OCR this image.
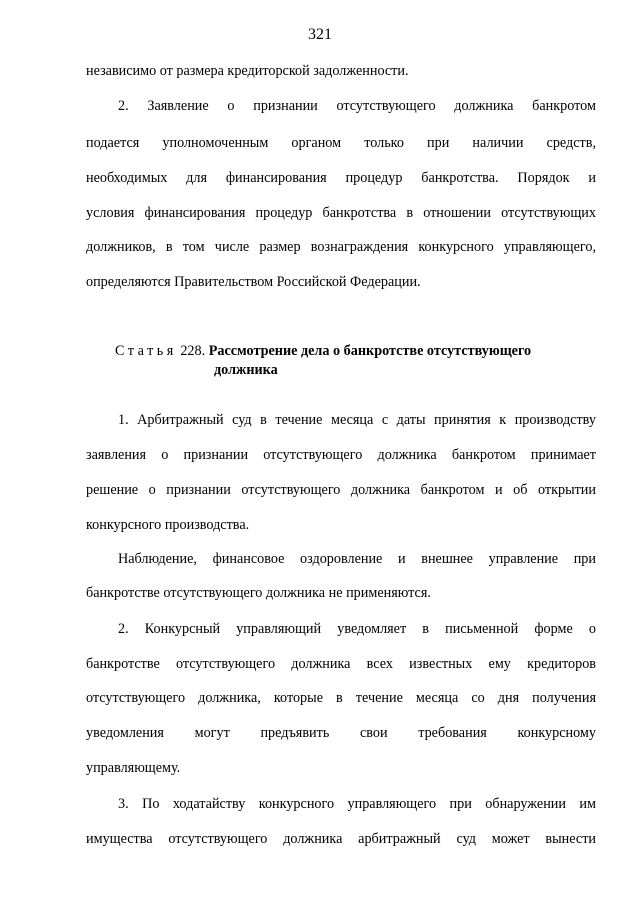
321
независимо от размера кредиторской задолженности.
2. Заявление о признании отсутствующего должника банкротом
подается уполномоченным органом только при наличии средств,
необходимых для финансирования процедур банкротства. Порядок и
условия финансирования процедур банкротства в отношении отсутствующих
должников, в том числе размер вознаграждения конкурсного управляющего,
определяются Правительством Российской Федерации.
Статья 228. Рассмотрение дела о банкротстве отсутствующего
должника
1. Арбитражный суд в течение месяца с даты принятия к производству
заявления о признании отсутствующего должника банкротом принимает
решение о признании отсутствующего должника банкротом и об открытии
конкурсного производства.
Наблюдение, финансовое оздоровление и внешнее управление при
банкротстве отсутствующего должника не применяются.
2. Конкурсный управляющий уведомляет в письменной форме о
банкротстве отсутствующего должника всех известных ему кредиторов
отсутствующего должника, которые в течение месяца со дня получения
уведомления могут предъявить свои требования конкурсному
управляющему.
3. По ходатайству конкурсного управляющего при обнаружении им
имущества отсутствующего должника арбитражный суд может вынести
